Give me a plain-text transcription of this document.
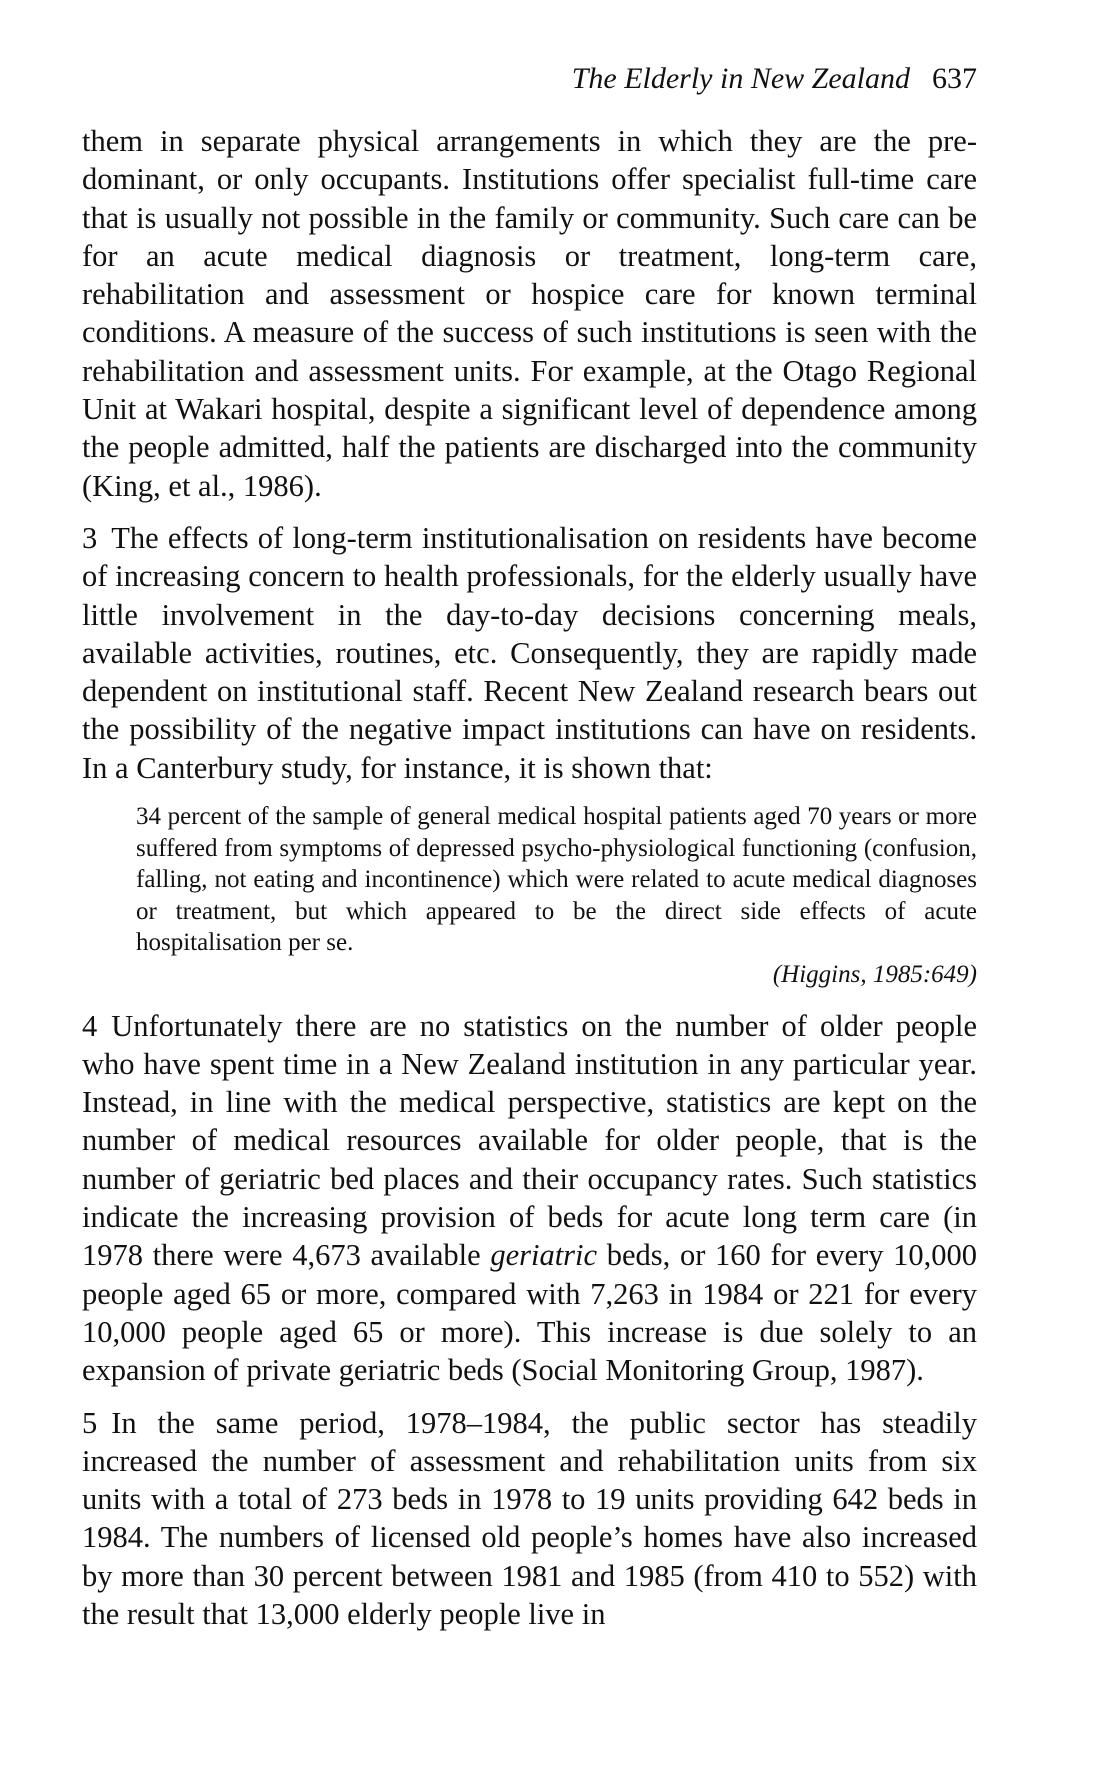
The Elderly in New Zealand 637

them in separate physical arrangements in which they are the pre-dominant, or only occupants. Institutions offer specialist full-time care that is usually not possible in the family or community. Such care can be for an acute medical diagnosis or treatment, long-term care, rehabilitation and assessment or hospice care for known terminal conditions. A measure of the success of such institutions is seen with the rehabilitation and assessment units. For example, at the Otago Regional Unit at Wakari hospital, despite a significant level of dependence among the people admitted, half the patients are discharged into the community (King, et al., 1986).

3 The effects of long-term institutionalisation on residents have become of increasing concern to health professionals, for the elderly usually have little involvement in the day-to-day decisions concerning meals, available activities, routines, etc. Consequently, they are rapidly made dependent on institutional staff. Recent New Zealand research bears out the possibility of the negative impact institutions can have on residents. In a Canterbury study, for instance, it is shown that:

34 percent of the sample of general medical hospital patients aged 70 years or more suffered from symptoms of depressed psycho-physiological functioning (confusion, falling, not eating and incontinence) which were related to acute medical diagnoses or treatment, but which appeared to be the direct side effects of acute hospitalisation per se.
(Higgins, 1985:649)

4 Unfortunately there are no statistics on the number of older people who have spent time in a New Zealand institution in any particular year. Instead, in line with the medical perspective, statistics are kept on the number of medical resources available for older people, that is the number of geriatric bed places and their occupancy rates. Such statistics indicate the increasing provision of beds for acute long term care (in 1978 there were 4,673 available geriatric beds, or 160 for every 10,000 people aged 65 or more, compared with 7,263 in 1984 or 221 for every 10,000 people aged 65 or more). This increase is due solely to an expansion of private geriatric beds (Social Monitoring Group, 1987).

5 In the same period, 1978–1984, the public sector has steadily increased the number of assessment and rehabilitation units from six units with a total of 273 beds in 1978 to 19 units providing 642 beds in 1984. The numbers of licensed old people’s homes have also increased by more than 30 percent between 1981 and 1985 (from 410 to 552) with the result that 13,000 elderly people live in
